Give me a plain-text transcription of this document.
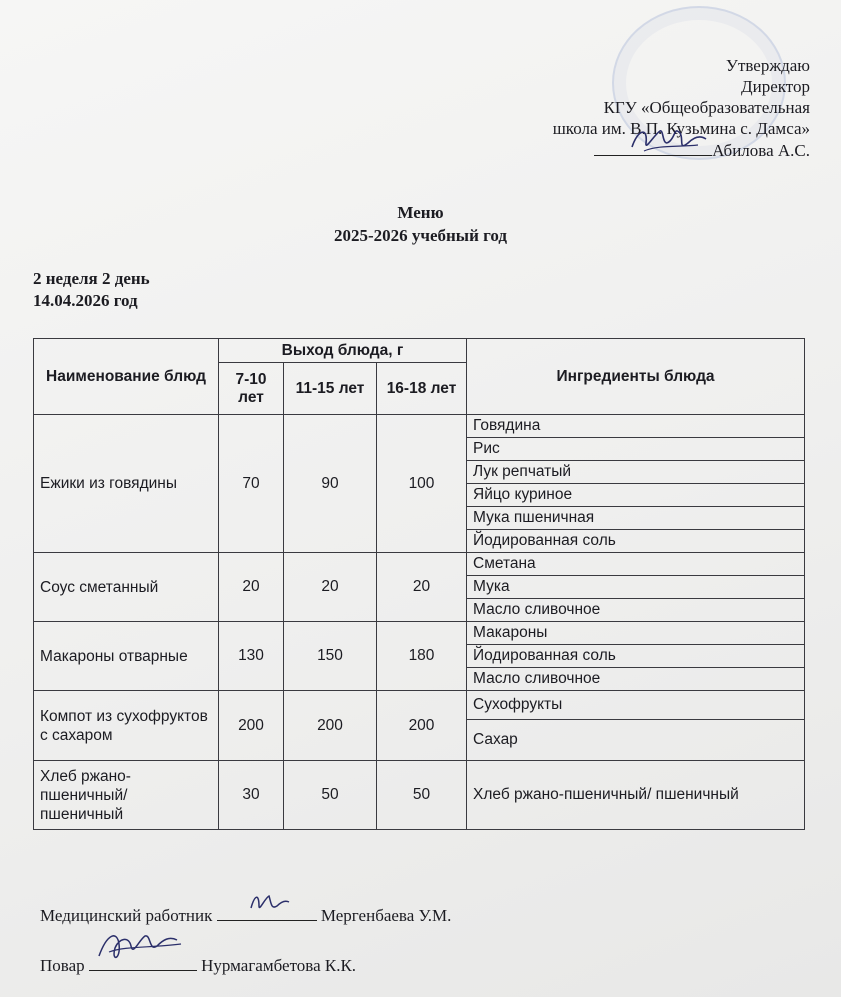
Утверждаю
Директор
КГУ «Общеобразовательная
школа им. В.П. Кузьмина с. Дамса»
Абилова А.С.
Меню
2025-2026 учебный год
2 неделя 2 день
14.04.2026 год
Наименование блюд	Выход блюда, г			Ингредиенты блюда
	7-10 лет	11-15 лет	16-18 лет	
Ежики из говядины	70	90	100	Говядина
				Рис
				Лук репчатый
				Яйцо куриное
				Мука пшеничная
				Йодированная соль
Соус сметанный	20	20	20	Сметана
				Мука
				Масло сливочное
Макароны отварные	130	150	180	Макароны
				Йодированная соль
				Масло сливочное
Компот из сухофруктов с сахаром	200	200	200	Сухофрукты
				Сахар
Хлеб ржано-пшеничный/ пшеничный	30	50	50	Хлеб ржано-пшеничный/ пшеничный
Медицинский работник	Мергенбаева У.М.
Повар	Нурмагамбетова К.К.
